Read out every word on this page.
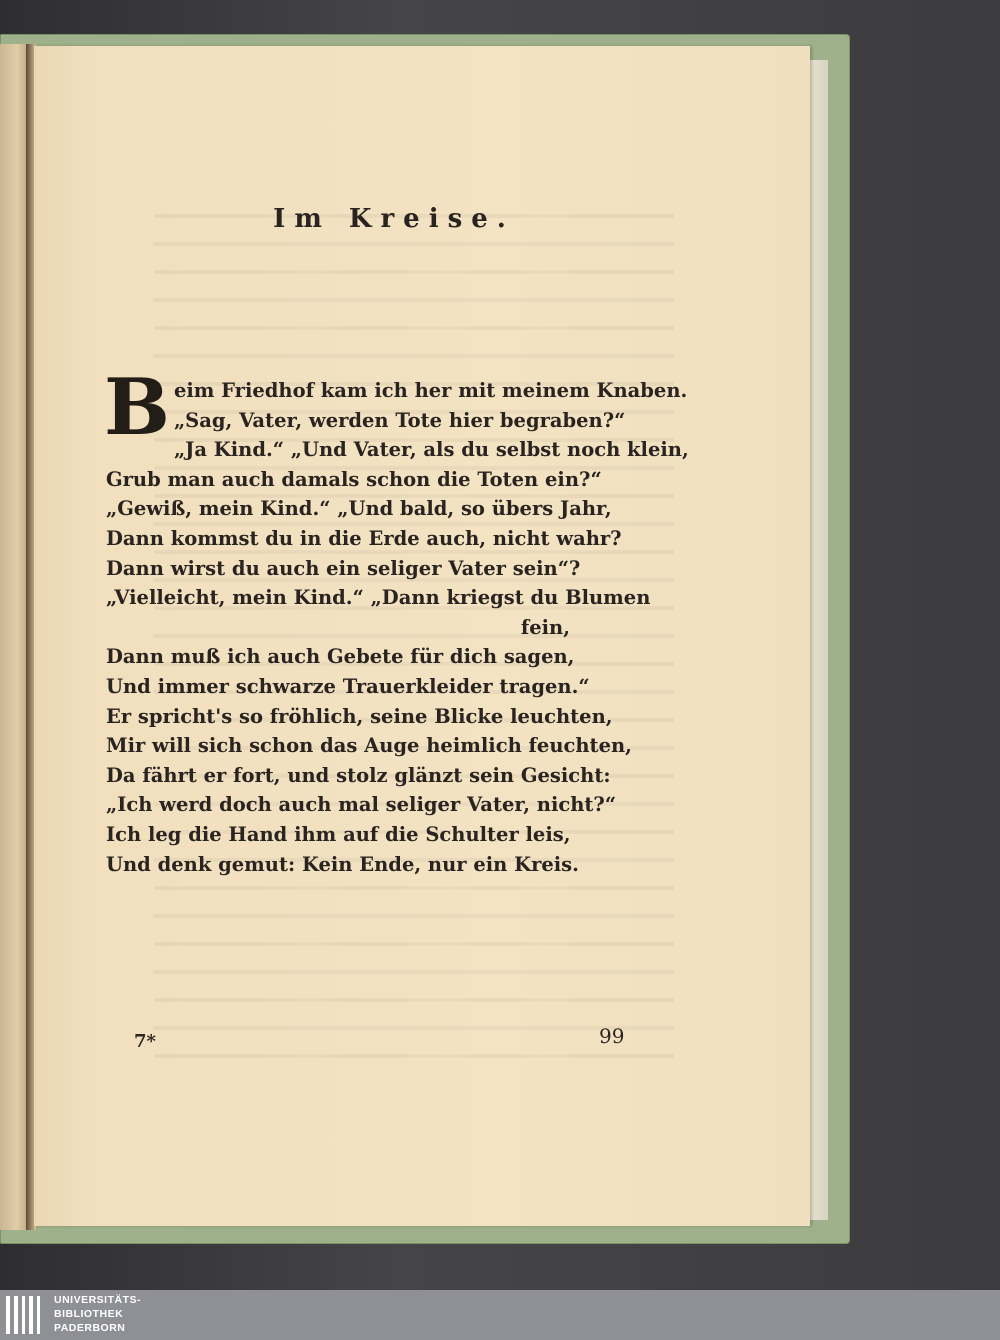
Im Kreise.
B eim Friedhof kam ich her mit meinem Knaben.
„Sag, Vater, werden Tote hier begraben?“
„Ja Kind.“ „Und Vater, als du selbst noch klein,
Grub man auch damals schon die Toten ein?“
„Gewiß, mein Kind.“ „Und bald, so übers Jahr,
Dann kommst du in die Erde auch, nicht wahr?
Dann wirst du auch ein seliger Vater sein“?
„Vielleicht, mein Kind.“ „Dann kriegst du Blumen
fein,
Dann muß ich auch Gebete für dich sagen,
Und immer schwarze Trauerkleider tragen.“
Er spricht's so fröhlich, seine Blicke leuchten,
Mir will sich schon das Auge heimlich feuchten,
Da fährt er fort, und stolz glänzt sein Gesicht:
„Ich werd doch auch mal seliger Vater, nicht?“
Ich leg die Hand ihm auf die Schulter leis,
Und denk gemut: Kein Ende, nur ein Kreis.
7*	99
UNIVERSITÄTS-
BIBLIOTHEK
PADERBORN
